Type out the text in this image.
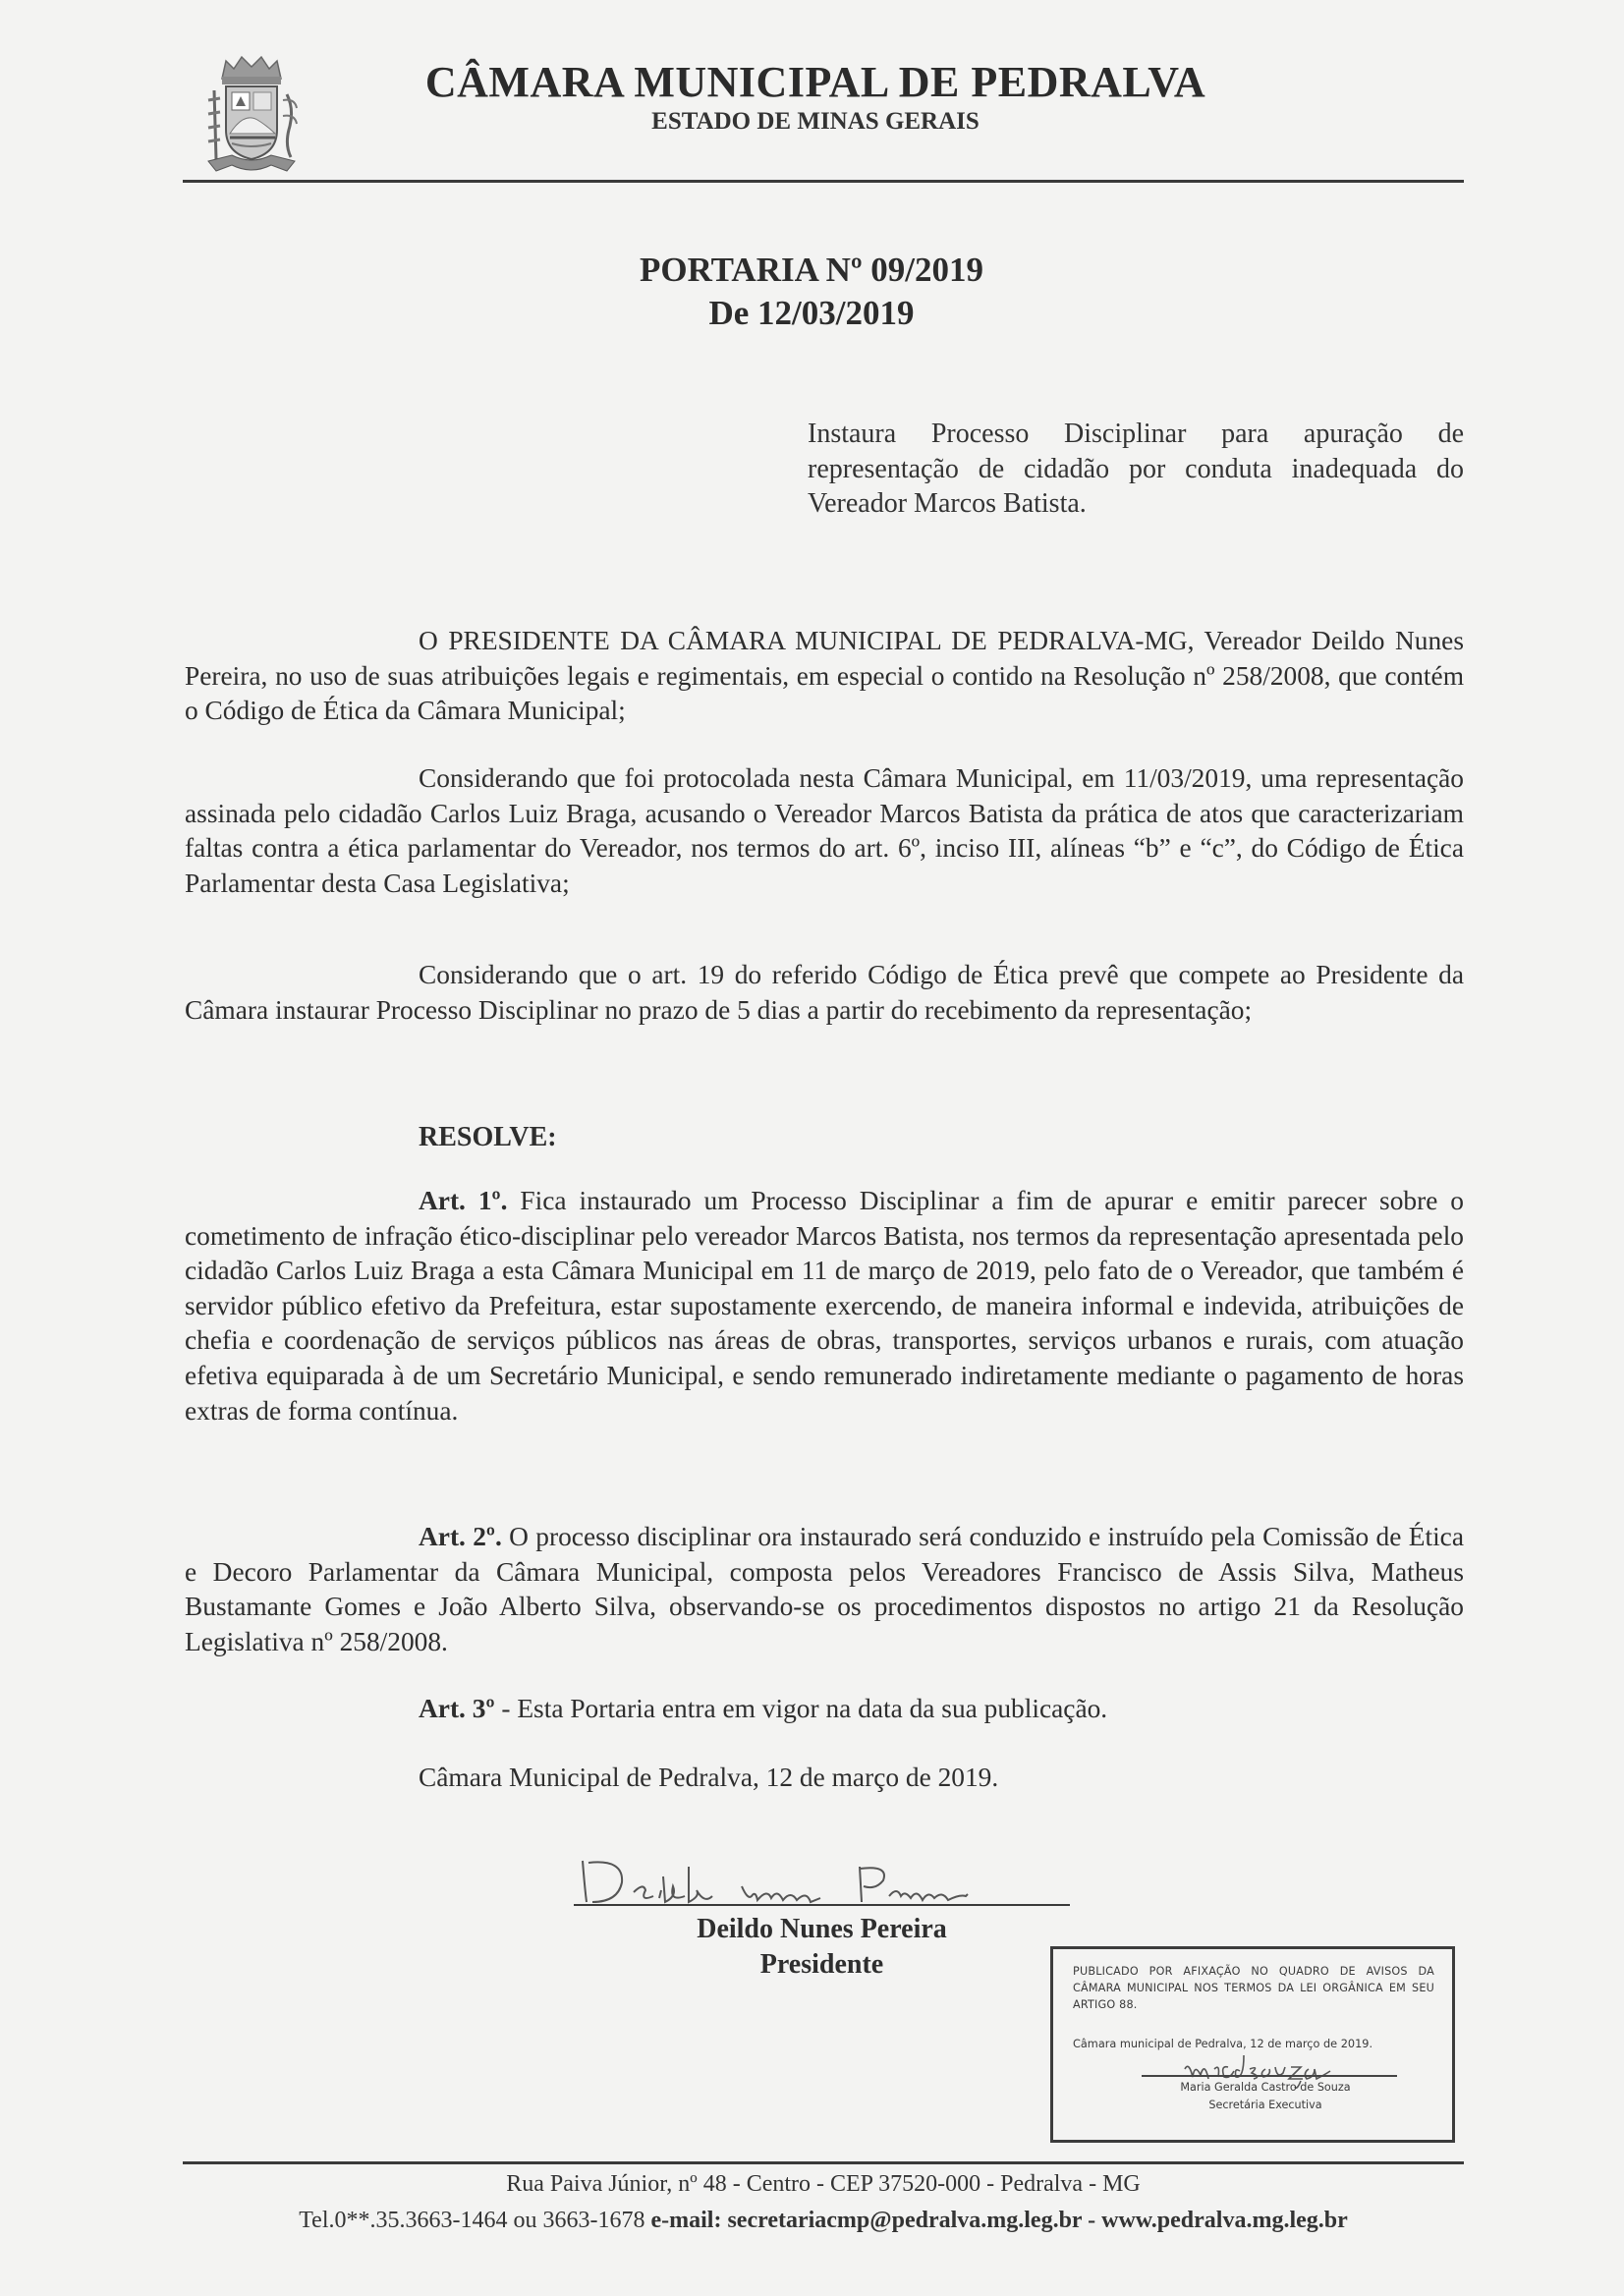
CÂMARA MUNICIPAL DE PEDRALVA
ESTADO DE MINAS GERAIS
PORTARIA Nº 09/2019
De 12/03/2019
Instaura Processo Disciplinar para apuração de representação de cidadão por conduta inadequada do Vereador Marcos Batista.

O PRESIDENTE DA CÂMARA MUNICIPAL DE PEDRALVA-MG, Vereador Deildo Nunes Pereira, no uso de suas atribuições legais e regimentais, em especial o contido na Resolução nº 258/2008, que contém o Código de Ética da Câmara Municipal;

Considerando que foi protocolada nesta Câmara Municipal, em 11/03/2019, uma representação assinada pelo cidadão Carlos Luiz Braga, acusando o Vereador Marcos Batista da prática de atos que caracterizariam faltas contra a ética parlamentar do Vereador, nos termos do art. 6º, inciso III, alíneas “b” e “c”, do Código de Ética Parlamentar desta Casa Legislativa;

Considerando que o art. 19 do referido Código de Ética prevê que compete ao Presidente da Câmara instaurar Processo Disciplinar no prazo de 5 dias a partir do recebimento da representação;

RESOLVE:

Art. 1º. Fica instaurado um Processo Disciplinar a fim de apurar e emitir parecer sobre o cometimento de infração ético-disciplinar pelo vereador Marcos Batista, nos termos da representação apresentada pelo cidadão Carlos Luiz Braga a esta Câmara Municipal em 11 de março de 2019, pelo fato de o Vereador, que também é servidor público efetivo da Prefeitura, estar supostamente exercendo, de maneira informal e indevida, atribuições de chefia e coordenação de serviços públicos nas áreas de obras, transportes, serviços urbanos e rurais, com atuação efetiva equiparada à de um Secretário Municipal, e sendo remunerado indiretamente mediante o pagamento de horas extras de forma contínua.

Art. 2º. O processo disciplinar ora instaurado será conduzido e instruído pela Comissão de Ética e Decoro Parlamentar da Câmara Municipal, composta pelos Vereadores Francisco de Assis Silva, Matheus Bustamante Gomes e João Alberto Silva, observando-se os procedimentos dispostos no artigo 21 da Resolução Legislativa nº 258/2008.

Art. 3º - Esta Portaria entra em vigor na data da sua publicação.
Câmara Municipal de Pedralva, 12 de março de 2019.
Deildo Nunes Pereira
Presidente	PUBLICADO POR AFIXAÇÃO NO QUADRO DE AVISOS DA CÂMARA MUNICIPAL NOS TERMOS DA LEI ORGÂNICA EM SEU ARTIGO 88.
Câmara municipal de Pedralva, 12 de março de 2019.
Maria Geralda Castro de Souza
Secretária Executiva
Rua Paiva Júnior, nº 48 - Centro - CEP 37520-000 - Pedralva - MG
Tel.0**.35.3663-1464 ou 3663-1678 e-mail: secretariacmp@pedralva.mg.leg.br - www.pedralva.mg.leg.br
